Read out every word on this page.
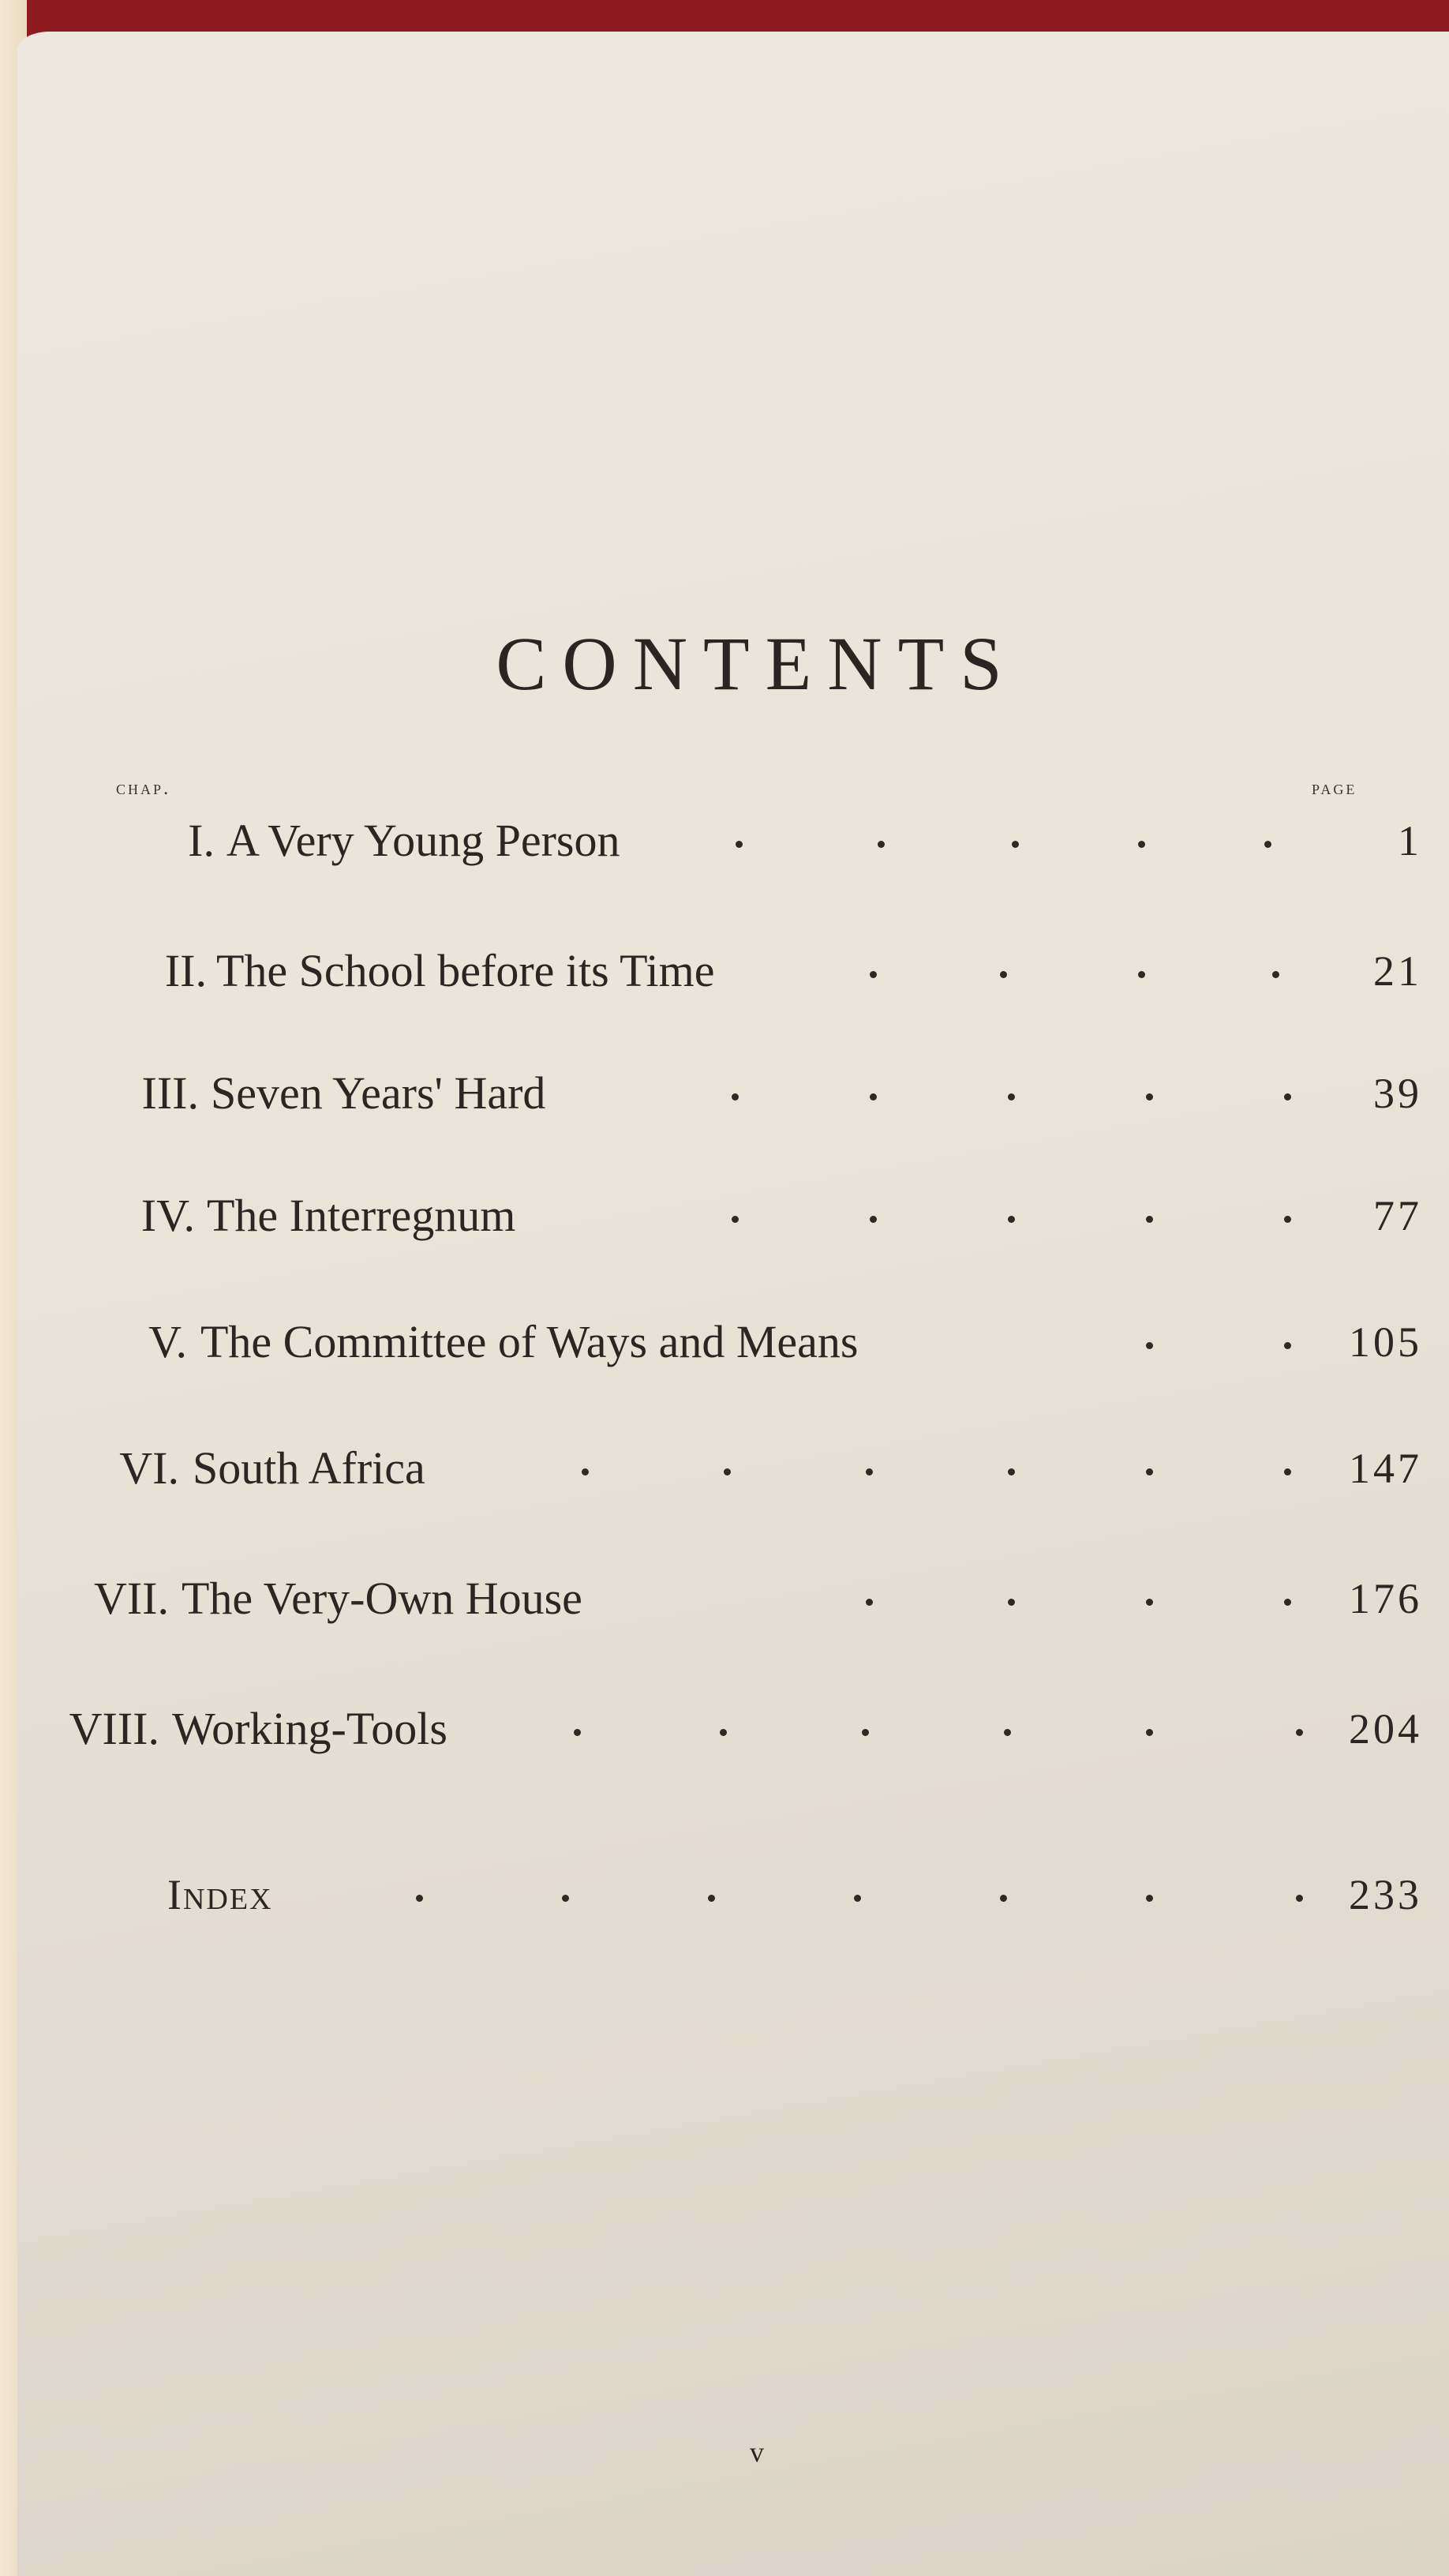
CONTENTS
chap.	page
I. A Very Young Person	1
II. The School before its Time	21
III. Seven Years' Hard	39
IV. The Interregnum	77
V. The Committee of Ways and Means	105
VI. South Africa	147
VII. The Very-Own House	176
VIII. Working-Tools	204
Index	233
v
